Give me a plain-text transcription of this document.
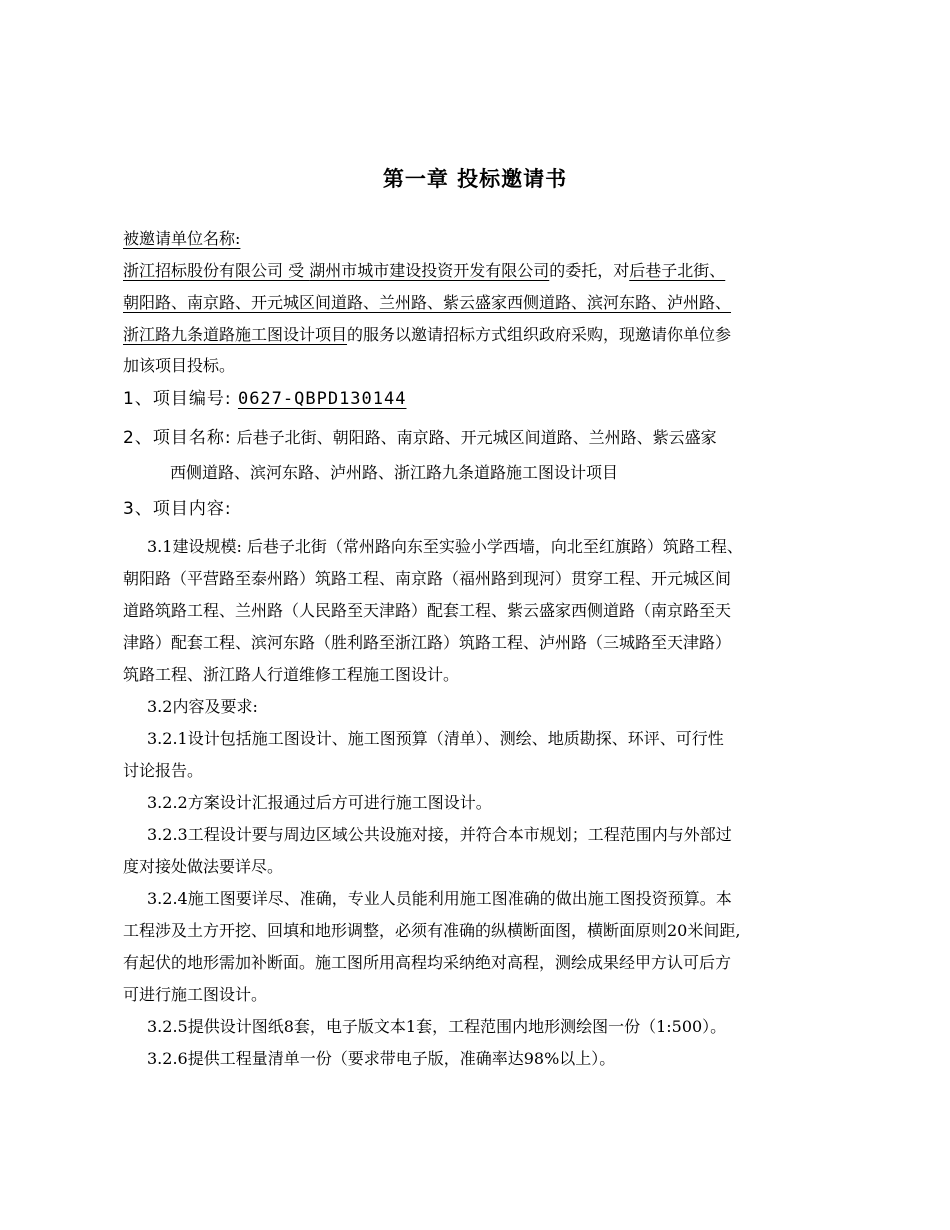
第一章 投标邀请书
被邀请单位名称:
浙江招标股份有限公司 受 湖州市城市建设投资开发有限公司的委托，对后巷子北街、
朝阳路、南京路、开元城区间道路、兰州路、紫云盛家西侧道路、滨河东路、泸州路、
浙江路九条道路施工图设计项目的服务以邀请招标方式组织政府采购，现邀请你单位参
加该项目投标。
1、项目编号: 0627-QBPD130144
2、项目名称: 后巷子北街、朝阳路、南京路、开元城区间道路、兰州路、紫云盛家
西侧道路、滨河东路、泸州路、浙江路九条道路施工图设计项目
3、项目内容:
3.1建设规模: 后巷子北街（常州路向东至实验小学西墙，向北至红旗路）筑路工程、
朝阳路（平营路至泰州路）筑路工程、南京路（福州路到现河）贯穿工程、开元城区间
道路筑路工程、兰州路（人民路至天津路）配套工程、紫云盛家西侧道路（南京路至天
津路）配套工程、滨河东路（胜利路至浙江路）筑路工程、泸州路（三城路至天津路）
筑路工程、浙江路人行道维修工程施工图设计。
3.2内容及要求:
3.2.1设计包括施工图设计、施工图预算（清单）、测绘、地质勘探、环评、可行性
讨论报告。
3.2.2方案设计汇报通过后方可进行施工图设计。
3.2.3工程设计要与周边区域公共设施对接，并符合本市规划；工程范围内与外部过
度对接处做法要详尽。
3.2.4施工图要详尽、准确，专业人员能利用施工图准确的做出施工图投资预算。本
工程涉及土方开挖、回填和地形调整，必须有准确的纵横断面图，横断面原则20米间距,
有起伏的地形需加补断面。施工图所用高程均采纳绝对高程，测绘成果经甲方认可后方
可进行施工图设计。
3.2.5提供设计图纸8套，电子版文本1套，工程范围内地形测绘图一份（1:500）。
3.2.6提供工程量清单一份（要求带电子版，准确率达98%以上）。
